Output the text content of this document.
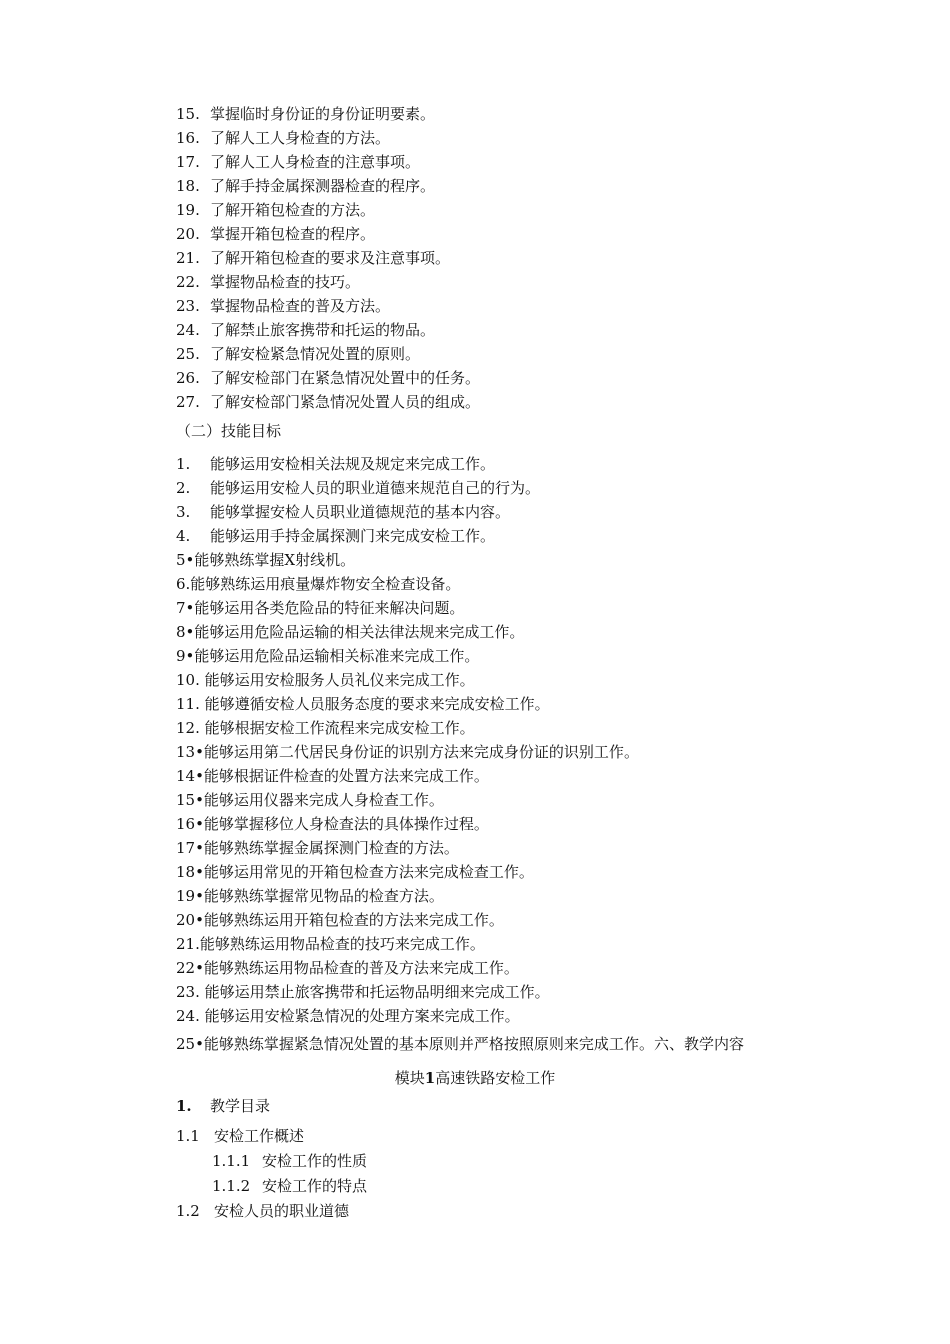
15. 掌握临时身份证的身份证明要素。
16. 了解人工人身检查的方法。
17. 了解人工人身检查的注意事项。
18. 了解手持金属探测器检查的程序。
19. 了解开箱包检查的方法。
20. 掌握开箱包检查的程序。
21. 了解开箱包检查的要求及注意事项。
22. 掌握物品检查的技巧。
23. 掌握物品检查的普及方法。
24. 了解禁止旅客携带和托运的物品。
25. 了解安检紧急情况处置的原则。
26. 了解安检部门在紧急情况处置中的任务。
27. 了解安检部门紧急情况处置人员的组成。
（二）技能目标
1. 能够运用安检相关法规及规定来完成工作。
2. 能够运用安检人员的职业道德来规范自己的行为。
3. 能够掌握安检人员职业道德规范的基本内容。
4. 能够运用手持金属探测门来完成安检工作。
5•能够熟练掌握X射线机。
6.能够熟练运用痕量爆炸物安全检查设备。
7•能够运用各类危险品的特征来解决问题。
8•能够运用危险品运输的相关法律法规来完成工作。
9•能够运用危险品运输相关标准来完成工作。
10. 能够运用安检服务人员礼仪来完成工作。
11. 能够遵循安检人员服务态度的要求来完成安检工作。
12. 能够根据安检工作流程来完成安检工作。
13•能够运用第二代居民身份证的识别方法来完成身份证的识别工作。
14•能够根据证件检查的处置方法来完成工作。
15•能够运用仪器来完成人身检查工作。
16•能够掌握移位人身检查法的具体操作过程。
17•能够熟练掌握金属探测门检查的方法。
18•能够运用常见的开箱包检查方法来完成检查工作。
19•能够熟练掌握常见物品的检查方法。
20•能够熟练运用开箱包检查的方法来完成工作。
21.能够熟练运用物品检查的技巧来完成工作。
22•能够熟练运用物品检查的普及方法来完成工作。
23. 能够运用禁止旅客携带和托运物品明细来完成工作。
24. 能够运用安检紧急情况的处理方案来完成工作。
25•能够熟练掌握紧急情况处置的基本原则并严格按照原则来完成工作。六、教学内容
模块1高速铁路安检工作
1. 教学目录
1.1 安检工作概述
1.1.1 安检工作的性质
1.1.2 安检工作的特点
1.2 安检人员的职业道德
